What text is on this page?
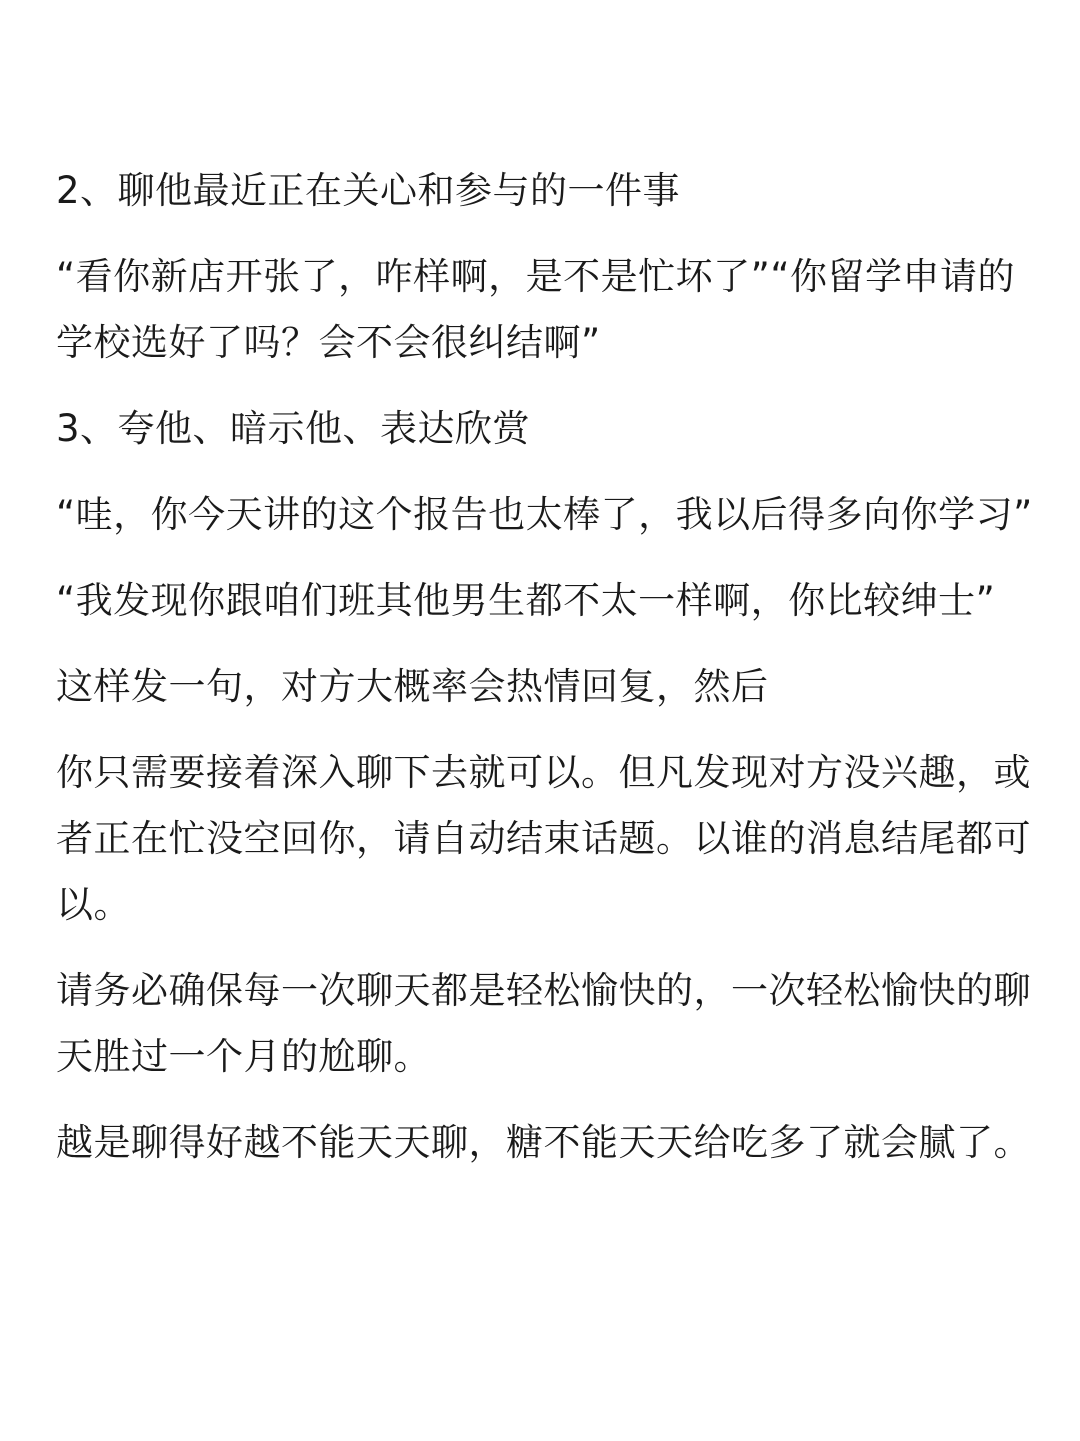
2、聊他最近正在关心和参与的一件事

“看你新店开张了，咋样啊，是不是忙坏了”“你留学申请的学校选好了吗？会不会很纠结啊”

3、夸他、暗示他、表达欣赏

“哇，你今天讲的这个报告也太棒了，我以后得多向你学习”

“我发现你跟咱们班其他男生都不太一样啊，你比较绅士”

这样发一句，对方大概率会热情回复，然后

你只需要接着深入聊下去就可以。但凡发现对方没兴趣，或者正在忙没空回你，请自动结束话题。以谁的消息结尾都可以。

请务必确保每一次聊天都是轻松愉快的，一次轻松愉快的聊天胜过一个月的尬聊。

越是聊得好越不能天天聊，糖不能天天给吃多了就会腻了。
